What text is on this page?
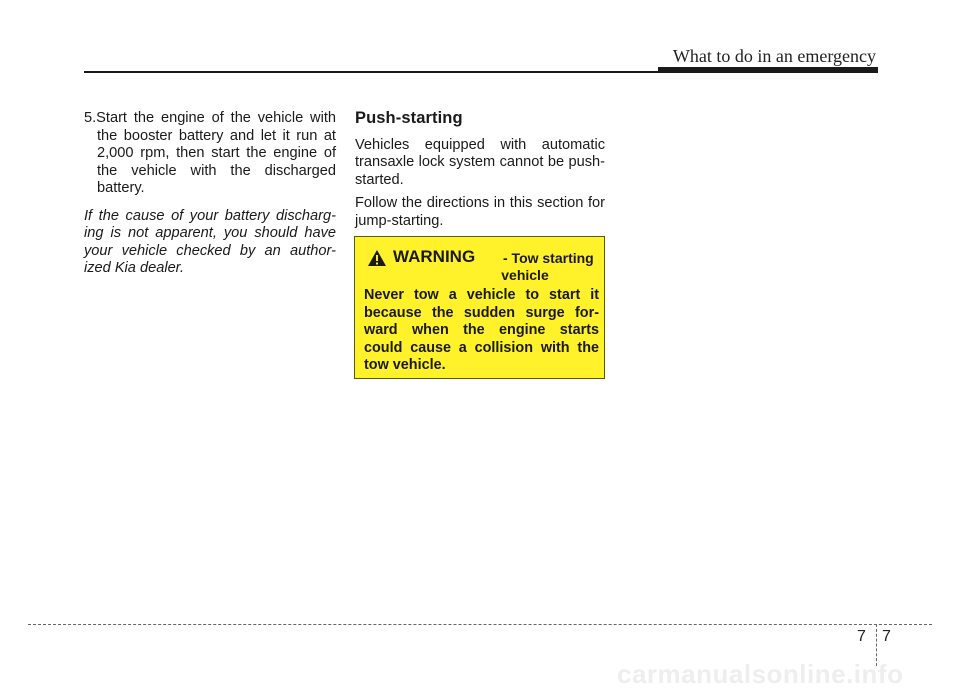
What to do in an emergency

5.Start the engine of the vehicle with the booster battery and let it run at 2,000 rpm, then start the engine of the vehicle with the discharged battery.

If the cause of your battery discharg-ing is not apparent, you should have your vehicle checked by an author-ized Kia dealer.

Push-starting

Vehicles equipped with automatic transaxle lock system cannot be push-started.

Follow the directions in this section for jump-starting.

WARNING - Tow starting
vehicle
Never tow a vehicle to start it because the sudden surge for-ward when the engine starts could cause a collision with the tow vehicle.
7 7
carmanualsonline.info
